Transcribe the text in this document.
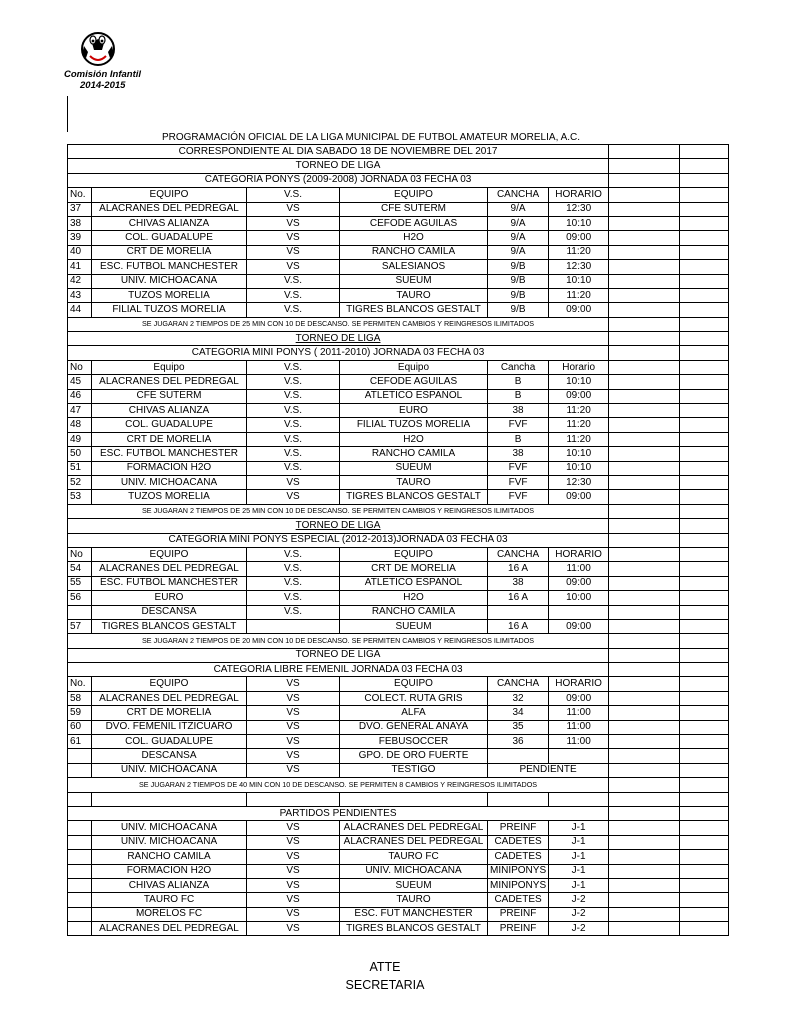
Comisión Infantil
2014-2015
PROGRAMACIÓN OFICIAL DE LA LIGA MUNICIPAL DE FUTBOL AMATEUR MORELIA, A.C.
CORRESPONDIENTE AL DIA SABADO 18 DE NOVIEMBRE DEL 2017							
TORNEO DE LIGA							
CATEGORIA PONYS (2009-2008) JORNADA 03 FECHA 03							
No.	EQUIPO	V.S.	EQUIPO	CANCHA	HORARIO		
37	ALACRANES DEL PEDREGAL	VS	CFE SUTERM	9/A	12:30		
38	CHIVAS ALIANZA	VS	CEFODE AGUILAS	9/A	10:10		
39	COL. GUADALUPE	VS	H2O	9/A	09:00		
40	CRT DE MORELIA	VS	RANCHO CAMILA	9/A	11:20		
41	ESC. FUTBOL MANCHESTER	VS	SALESIANOS	9/B	12:30		
42	UNIV. MICHOACANA	V.S.	SUEUM	9/B	10:10		
43	TUZOS MORELIA	V.S.	TAURO	9/B	11:20		
44	FILIAL TUZOS MORELIA	V.S.	TIGRES BLANCOS GESTALT	9/B	09:00		
SE JUGARAN 2 TIEMPOS DE 25 MIN CON 10 DE DESCANSO. SE PERMITEN CAMBIOS Y REINGRESOS ILIMITADOS							
TORNEO DE LIGA							
CATEGORIA MINI PONYS ( 2011-2010) JORNADA 03 FECHA 03							
No	Equipo	V.S.	Equipo	Cancha	Horario		
45	ALACRANES DEL PEDREGAL	V.S.	CEFODE AGUILAS	B	10:10		
46	CFE SUTERM	V.S.	ATLETICO ESPAÑOL	B	09:00		
47	CHIVAS ALIANZA	V.S.	EURO	38	11:20		
48	COL. GUADALUPE	V.S.	FILIAL TUZOS MORELIA	FVF	11:20		
49	CRT DE MORELIA	V.S.	H2O	B	11:20		
50	ESC. FUTBOL MANCHESTER	V.S.	RANCHO CAMILA	38	10:10		
51	FORMACION H2O	V.S.	SUEUM	FVF	10:10		
52	UNIV. MICHOACANA	VS	TAURO	FVF	12:30		
53	TUZOS MORELIA	VS	TIGRES BLANCOS GESTALT	FVF	09:00		
SE JUGARAN 2 TIEMPOS DE 25 MIN CON 10 DE DESCANSO. SE PERMITEN CAMBIOS Y REINGRESOS ILIMITADOS							
TORNEO DE LIGA							
CATEGORIA MINI PONYS ESPECIAL (2012-2013)JORNADA 03 FECHA 03							
No	EQUIPO	V.S.	EQUIPO	CANCHA	HORARIO		
54	ALACRANES DEL PEDREGAL	V.S.	CRT DE MORELIA	16 A	11:00		
55	ESC. FUTBOL MANCHESTER	V.S.	ATLETICO ESPAÑOL	38	09:00		
56	EURO	V.S.	H2O	16 A	10:00		
	DESCANSA	V.S.	RANCHO CAMILA				
57	TIGRES BLANCOS GESTALT		SUEUM	16 A	09:00		
SE JUGARAN 2 TIEMPOS DE 20 MIN CON 10 DE DESCANSO. SE PERMITEN CAMBIOS Y REINGRESOS ILIMITADOS							
TORNEO DE LIGA							
CATEGORIA LIBRE FEMENIL JORNADA 03 FECHA 03							
No.	EQUIPO	VS	EQUIPO	CANCHA	HORARIO		
58	ALACRANES DEL PEDREGAL	VS	COLECT. RUTA GRIS	32	09:00		
59	CRT DE MORELIA	VS	ALFA	34	11:00		
60	DVO. FEMENIL ITZICUARO	VS	DVO. GENERAL ANAYA	35	11:00		
61	COL. GUADALUPE	VS	FEBUSOCCER	36	11:00		
	DESCANSA	VS	GPO. DE ORO FUERTE				
	UNIV. MICHOACANA	VS	TESTIGO	PENDIENTE			
SE JUGARAN 2 TIEMPOS DE 40 MIN CON 10 DE DESCANSO. SE PERMITEN 8 CAMBIOS Y REINGRESOS ILIMITADOS							

PARTIDOS PENDIENTES							
	UNIV. MICHOACANA	VS	ALACRANES DEL PEDREGAL	PREINF	J-1		
	UNIV. MICHOACANA	VS	ALACRANES DEL PEDREGAL	CADETES	J-1		
	RANCHO CAMILA	VS	TAURO FC	CADETES	J-1		
	FORMACION H2O	VS	UNIV. MICHOACANA	MINIPONYS	J-1		
	CHIVAS ALIANZA	VS	SUEUM	MINIPONYS	J-1		
	TAURO FC	VS	TAURO	CADETES	J-2		
	MORELOS FC	VS	ESC. FUT MANCHESTER	PREINF	J-2		
	ALACRANES DEL PEDREGAL	VS	TIGRES BLANCOS GESTALT	PREINF	J-2		
ATTE
SECRETARIA
